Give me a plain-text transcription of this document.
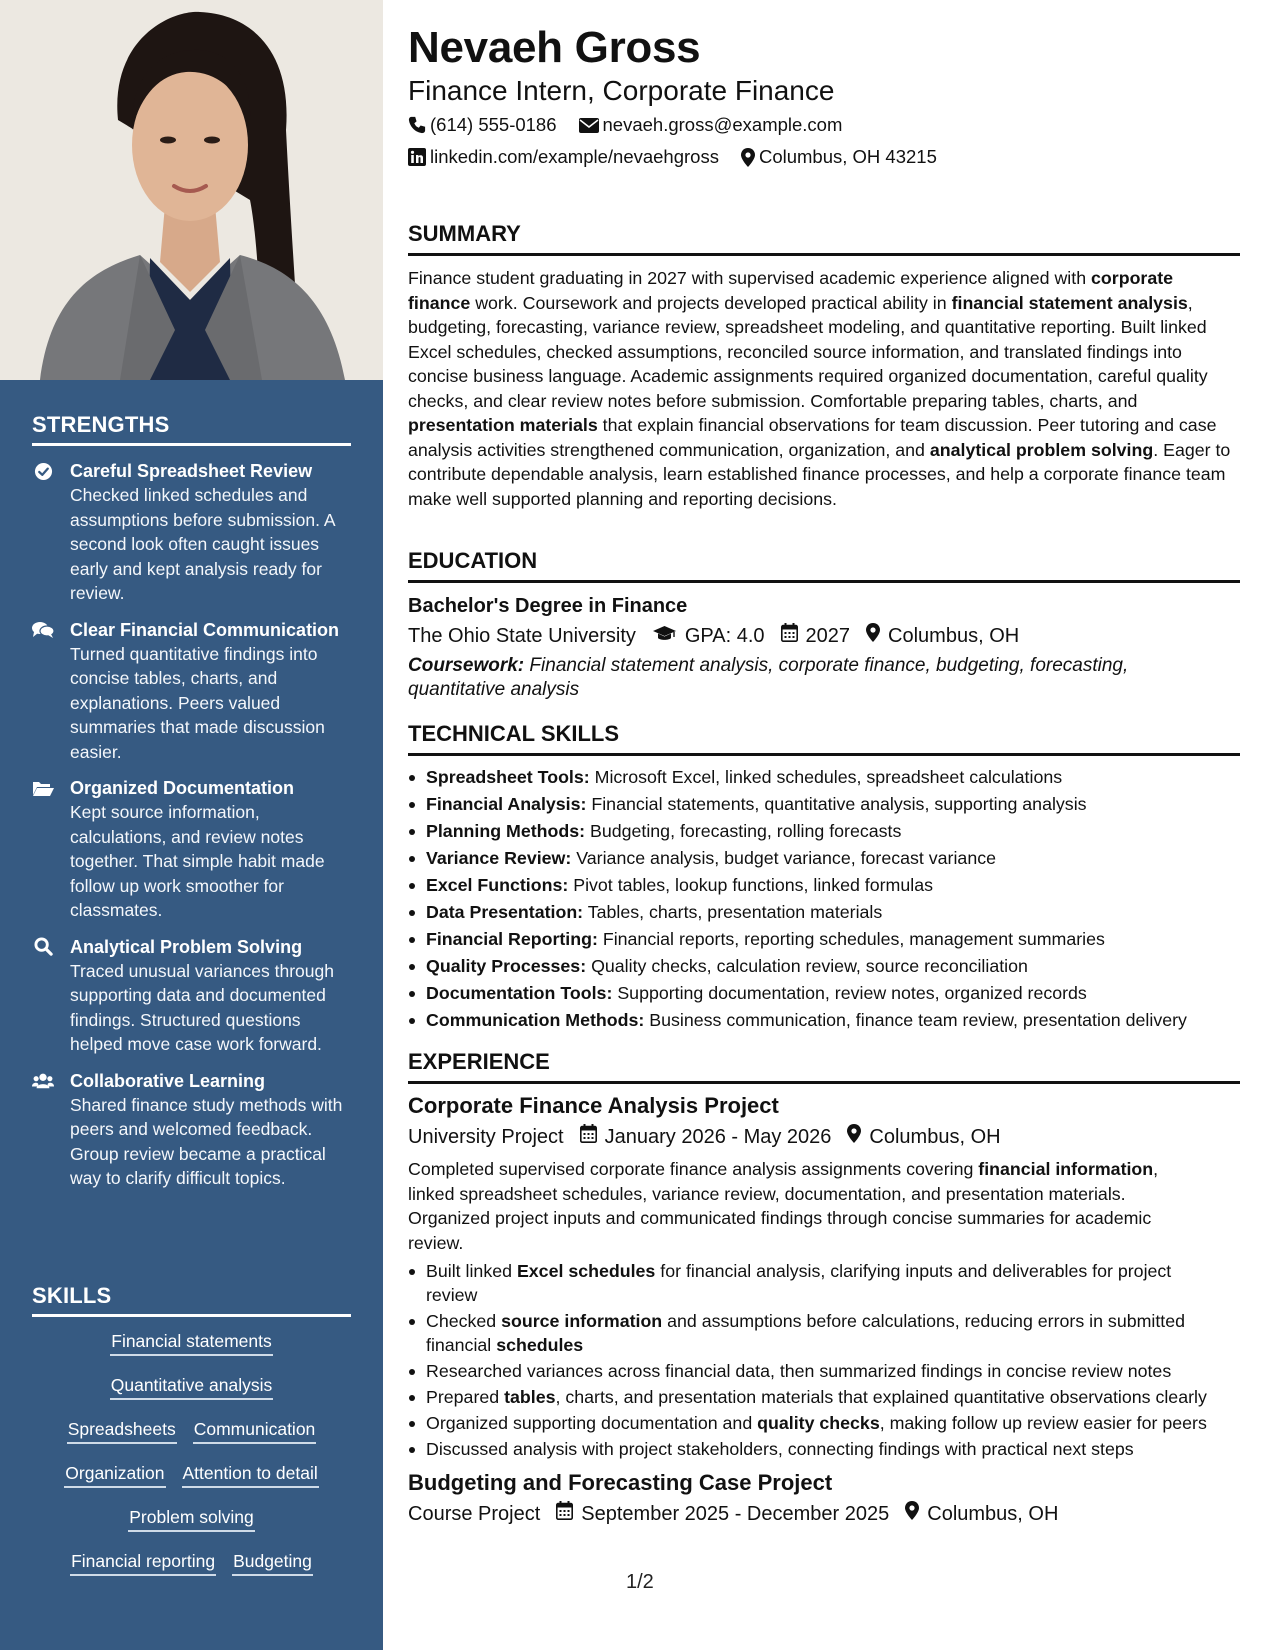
STRENGTHS
Careful Spreadsheet Review
Checked linked schedules and assumptions before submission. A second look often caught issues early and kept analysis ready for review.
Clear Financial Communication
Turned quantitative findings into concise tables, charts, and explanations. Peers valued summaries that made discussion easier.
Organized Documentation
Kept source information, calculations, and review notes together. That simple habit made follow up work smoother for classmates.
Analytical Problem Solving
Traced unusual variances through supporting data and documented findings. Structured questions helped move case work forward.
Collaborative Learning
Shared finance study methods with peers and welcomed feedback. Group review became a practical way to clarify difficult topics.
SKILLS
Financial statements
Quantitative analysis
Spreadsheets Communication
Organization Attention to detail
Problem solving
Financial reporting Budgeting
Nevaeh Gross
Finance Intern, Corporate Finance
(614) 555-0186 nevaeh.gross@example.com
linkedin.com/example/nevaehgross Columbus, OH 43215
SUMMARY

Finance student graduating in 2027 with supervised academic experience aligned with corporate finance work. Coursework and projects developed practical ability in financial statement analysis, budgeting, forecasting, variance review, spreadsheet modeling, and quantitative reporting. Built linked Excel schedules, checked assumptions, reconciled source information, and translated findings into concise business language. Academic assignments required organized documentation, careful quality checks, and clear review notes before submission. Comfortable preparing tables, charts, and presentation materials that explain financial observations for team discussion. Peer tutoring and case analysis activities strengthened communication, organization, and analytical problem solving. Eager to contribute dependable analysis, learn established finance processes, and help a corporate finance team make well supported planning and reporting decisions.

EDUCATION
Bachelor's Degree in Finance
The Ohio State University GPA: 4.0 2027 Columbus, OH
Coursework: Financial statement analysis, corporate finance, budgeting, forecasting, quantitative analysis
TECHNICAL SKILLS
Spreadsheet Tools: Microsoft Excel, linked schedules, spreadsheet calculations
Financial Analysis: Financial statements, quantitative analysis, supporting analysis
Planning Methods: Budgeting, forecasting, rolling forecasts
Variance Review: Variance analysis, budget variance, forecast variance
Excel Functions: Pivot tables, lookup functions, linked formulas
Data Presentation: Tables, charts, presentation materials
Financial Reporting: Financial reports, reporting schedules, management summaries
Quality Processes: Quality checks, calculation review, source reconciliation
Documentation Tools: Supporting documentation, review notes, organized records
Communication Methods: Business communication, finance team review, presentation delivery
EXPERIENCE
Corporate Finance Analysis Project
University Project January 2026 - May 2026 Columbus, OH
Completed supervised corporate finance analysis assignments covering financial information, linked spreadsheet schedules, variance review, documentation, and presentation materials. Organized project inputs and communicated findings through concise summaries for academic review.
Built linked Excel schedules for financial analysis, clarifying inputs and deliverables for project review
Checked source information and assumptions before calculations, reducing errors in submitted financial schedules
Researched variances across financial data, then summarized findings in concise review notes
Prepared tables, charts, and presentation materials that explained quantitative observations clearly
Organized supporting documentation and quality checks, making follow up review easier for peers
Discussed analysis with project stakeholders, connecting findings with practical next steps
Budgeting and Forecasting Case Project
Course Project September 2025 - December 2025 Columbus, OH
1/2
